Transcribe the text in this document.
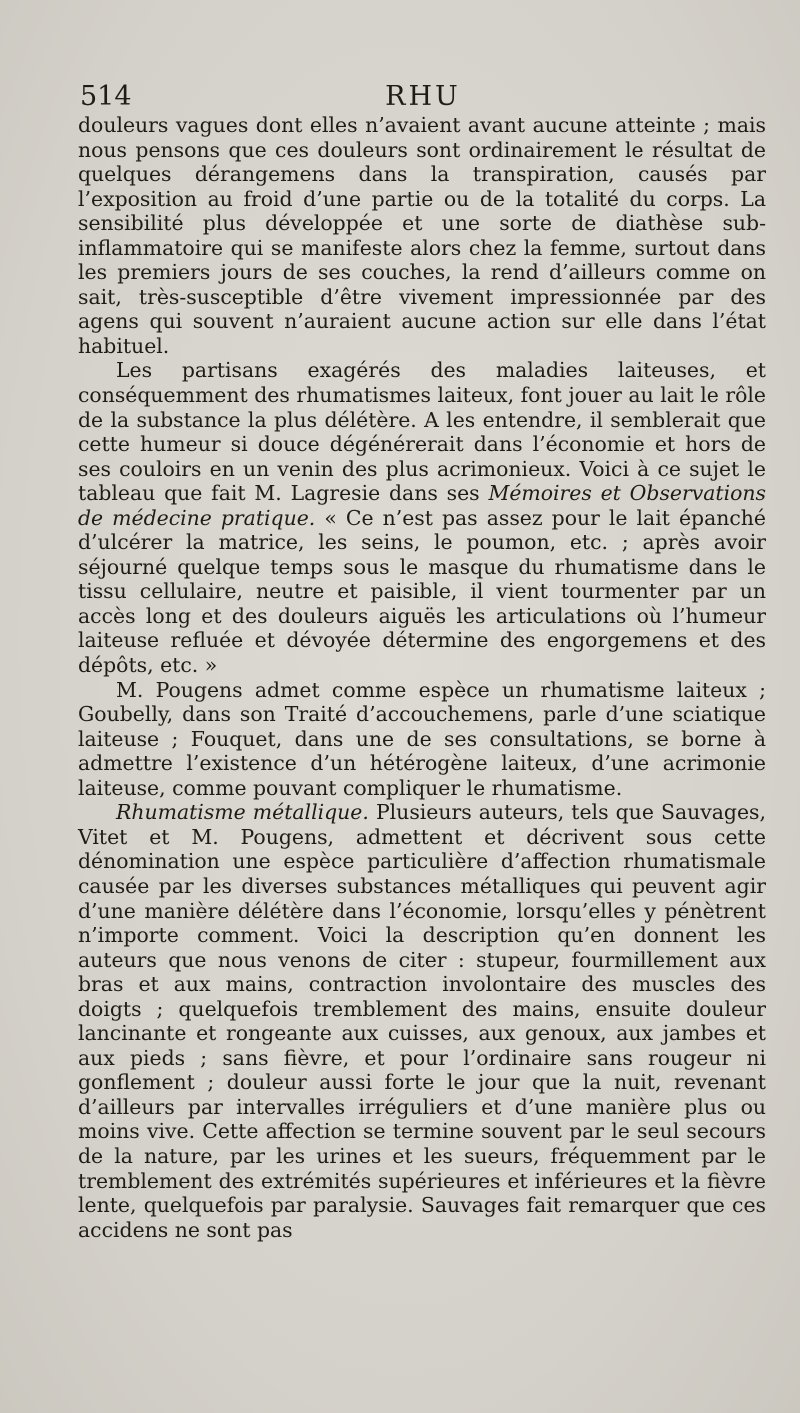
514	RHU

douleurs vagues dont elles n’avaient avant aucune atteinte ; mais nous pensons que ces douleurs sont ordinairement le résultat de quelques dérangemens dans la transpiration, causés par l’exposition au froid d’une partie ou de la totalité du corps. La sensibilité plus développée et une sorte de diathèse sub-inflammatoire qui se manifeste alors chez la femme, surtout dans les premiers jours de ses couches, la rend d’ailleurs comme on sait, très-susceptible d’être vivement impressionnée par des agens qui souvent n’auraient aucune action sur elle dans l’état habituel.

Les partisans exagérés des maladies laiteuses, et conséquemment des rhumatismes laiteux, font jouer au lait le rôle de la substance la plus délétère. A les entendre, il semblerait que cette humeur si douce dégénérerait dans l’économie et hors de ses couloirs en un venin des plus acrimonieux. Voici à ce sujet le tableau que fait M. Lagresie dans ses Mémoires et Observations de médecine pratique. « Ce n’est pas assez pour le lait épanché d’ulcérer la matrice, les seins, le poumon, etc. ; après avoir séjourné quelque temps sous le masque du rhumatisme dans le tissu cellulaire, neutre et paisible, il vient tourmenter par un accès long et des douleurs aiguës les articulations où l’humeur laiteuse refluée et dévoyée détermine des engorgemens et des dépôts, etc. »

M. Pougens admet comme espèce un rhumatisme laiteux ; Goubelly, dans son Traité d’accouchemens, parle d’une sciatique laiteuse ; Fouquet, dans une de ses consultations, se borne à admettre l’existence d’un hétérogène laiteux, d’une acrimonie laiteuse, comme pouvant compliquer le rhumatisme.

Rhumatisme métallique. Plusieurs auteurs, tels que Sauvages, Vitet et M. Pougens, admettent et décrivent sous cette dénomination une espèce particulière d’affection rhumatismale causée par les diverses substances métalliques qui peuvent agir d’une manière délétère dans l’économie, lorsqu’elles y pénètrent n’importe comment. Voici la description qu’en donnent les auteurs que nous venons de citer : stupeur, fourmillement aux bras et aux mains, contraction involontaire des muscles des doigts ; quelquefois tremblement des mains, ensuite douleur lancinante et rongeante aux cuisses, aux genoux, aux jambes et aux pieds ; sans fièvre, et pour l’ordinaire sans rougeur ni gonflement ; douleur aussi forte le jour que la nuit, revenant d’ailleurs par intervalles irréguliers et d’une manière plus ou moins vive. Cette affection se termine souvent par le seul secours de la nature, par les urines et les sueurs, fréquemment par le tremblement des extrémités supérieures et inférieures et la fièvre lente, quelquefois par paralysie. Sauvages fait remarquer que ces accidens ne sont pas
